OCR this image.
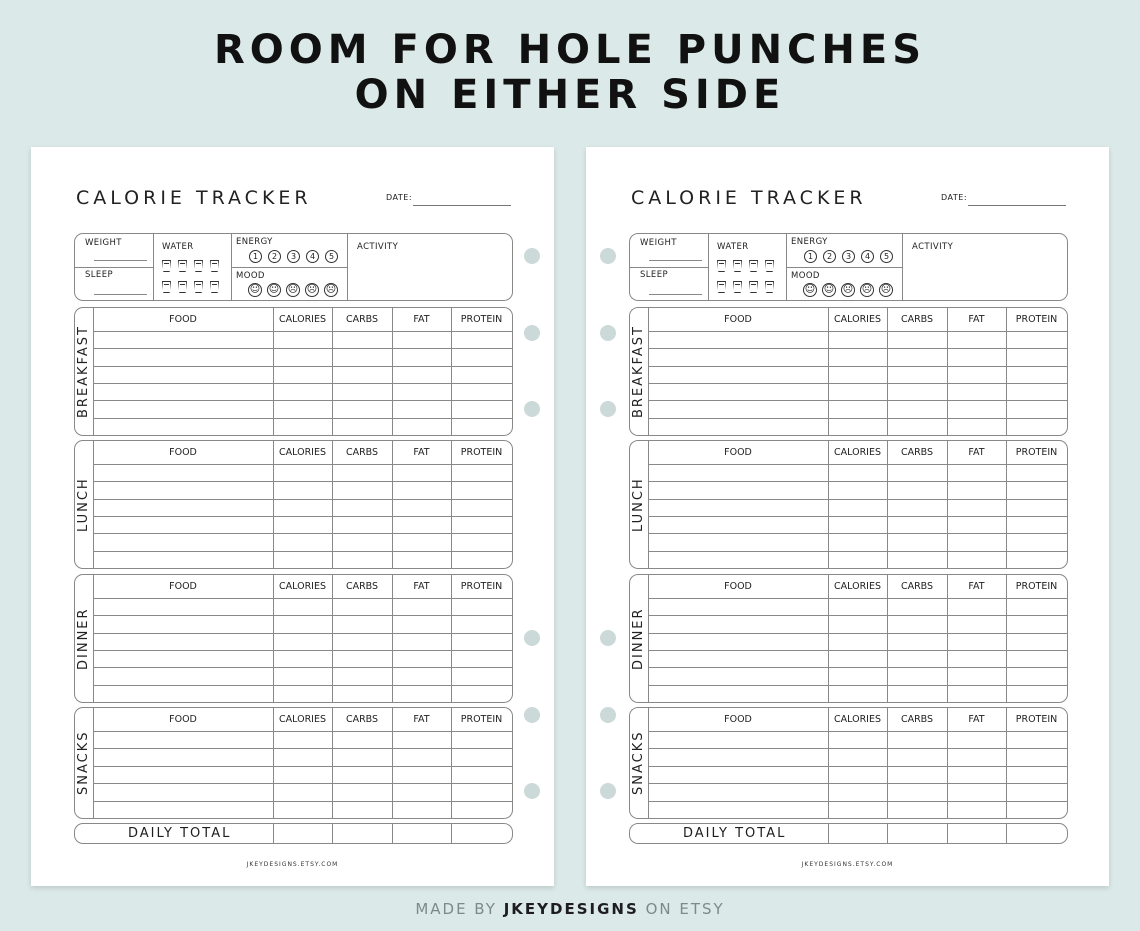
ROOM FOR HOLE PUNCHES
ON EITHER SIDE
CALORIE TRACKER	DATE:
WEIGHT
SLEEP
WATER	ENERGY
1	2	3	4	5
MOOD
☺ ☺ ☹ ☹ ☹
ACTIVITY
BREAKFAST
FOOD	CALORIES	CARBS	FAT	PROTEIN
LUNCH
FOOD	CALORIES	CARBS	FAT	PROTEIN
DINNER
FOOD	CALORIES	CARBS	FAT	PROTEIN
SNACKS
FOOD	CALORIES	CARBS	FAT	PROTEIN
DAILY TOTAL
JKEYDESIGNS.ETSY.COM
CALORIE TRACKER	DATE:
WEIGHT
SLEEP
WATER	ENERGY
1	2	3	4	5
MOOD
☺ ☺ ☹ ☹ ☹
ACTIVITY
BREAKFAST
FOOD	CALORIES	CARBS	FAT	PROTEIN
LUNCH
FOOD	CALORIES	CARBS	FAT	PROTEIN
DINNER
FOOD	CALORIES	CARBS	FAT	PROTEIN
SNACKS
FOOD	CALORIES	CARBS	FAT	PROTEIN
DAILY TOTAL
JKEYDESIGNS.ETSY.COM
MADE BY JKEYDESIGNS ON ETSY
